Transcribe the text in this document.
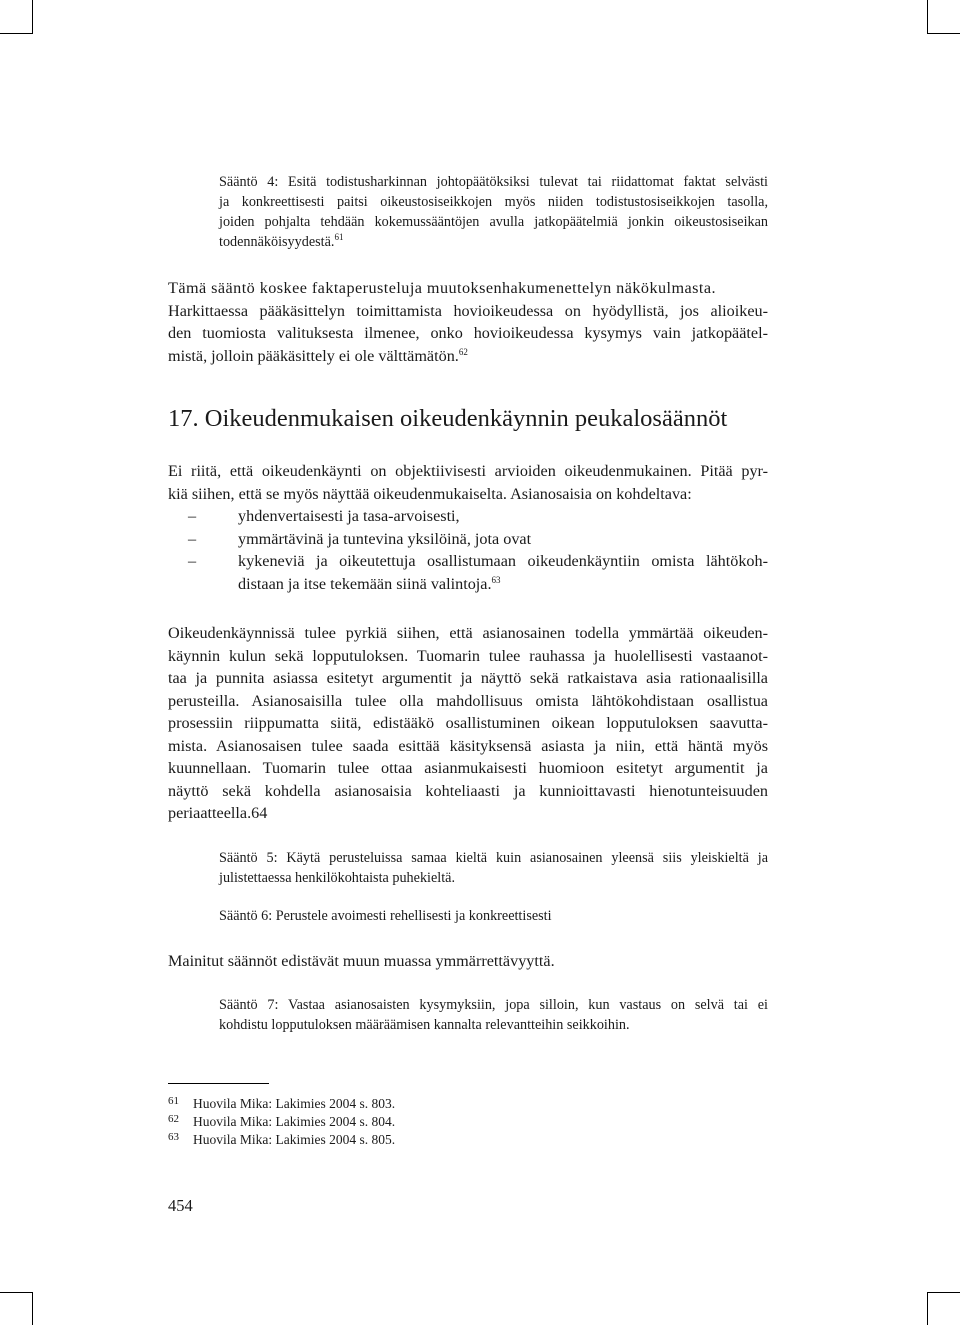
Sääntö 4: Esitä todistusharkinnan johtopäätöksiksi tulevat tai riidattomat faktat selvästi
ja konkreettisesti paitsi oikeustosiseikkojen myös niiden todistustosiseikkojen tasolla,
joiden pohjalta tehdään kokemussääntöjen avulla jatkopäätelmiä jonkin oikeustosiseikan
todennäköisyydestä.$^{61}$
Tämä sääntö koskee faktaperusteluja muutoksenhakumenettelyn näkökulmasta.
Harkittaessa pääkäsittelyn toimittamista hovioikeudessa on hyödyllistä, jos alioikeu-
den tuomiosta valituksesta ilmenee, onko hovioikeudessa kysymys vain jatkopäätel-
mistä, jolloin pääkäsittely ei ole välttämätön.$^{62}$
17. Oikeudenmukaisen oikeudenkäynnin peukalosäännöt
Ei riitä, että oikeudenkäynti on objektiivisesti arvioiden oikeudenmukainen. Pitää pyr-
kiä siihen, että se myös näyttää oikeudenmukaiselta. Asianosaisia on kohdeltava:
–	yhdenvertaisesti ja tasa-arvoisesti,
–	ymmärtävinä ja tuntevina yksilöinä, jota ovat
–	kykeneviä ja oikeutettuja osallistumaan oikeudenkäyntiin omista lähtökoh-
distaan ja itse tekemään siinä valintoja.$^{63}$
Oikeudenkäynnissä tulee pyrkiä siihen, että asianosainen todella ymmärtää oikeuden-
käynnin kulun sekä lopputuloksen. Tuomarin tulee rauhassa ja huolellisesti vastaanot-
taa ja punnita asiassa esitetyt argumentit ja näyttö sekä ratkaistava asia rationaalisilla
perusteilla. Asianosaisilla tulee olla mahdollisuus omista lähtökohdistaan osallistua
prosessiin riippumatta siitä, edistääkö osallistuminen oikean lopputuloksen saavutta-
mista. Asianosaisen tulee saada esittää käsityksensä asiasta ja niin, että häntä myös
kuunnellaan. Tuomarin tulee ottaa asianmukaisesti huomioon esitetyt argumentit ja
näyttö sekä kohdella asianosaisia kohteliaasti ja kunnioittavasti hienotunteisuuden
periaatteella.64
Sääntö 5: Käytä perusteluissa samaa kieltä kuin asianosainen yleensä siis yleiskieltä ja
julistettaessa henkilökohtaista puhekieltä.
Sääntö 6: Perustele avoimesti rehellisesti ja konkreettisesti
Mainitut säännöt edistävät muun muassa ymmärrettävyyttä.
Sääntö 7: Vastaa asianosaisten kysymyksiin, jopa silloin, kun vastaus on selvä tai ei
kohdistu lopputuloksen määräämisen kannalta relevantteihin seikkoihin.
61 Huovila Mika: Lakimies 2004 s. 803.
62 Huovila Mika: Lakimies 2004 s. 804.
63 Huovila Mika: Lakimies 2004 s. 805.
454
